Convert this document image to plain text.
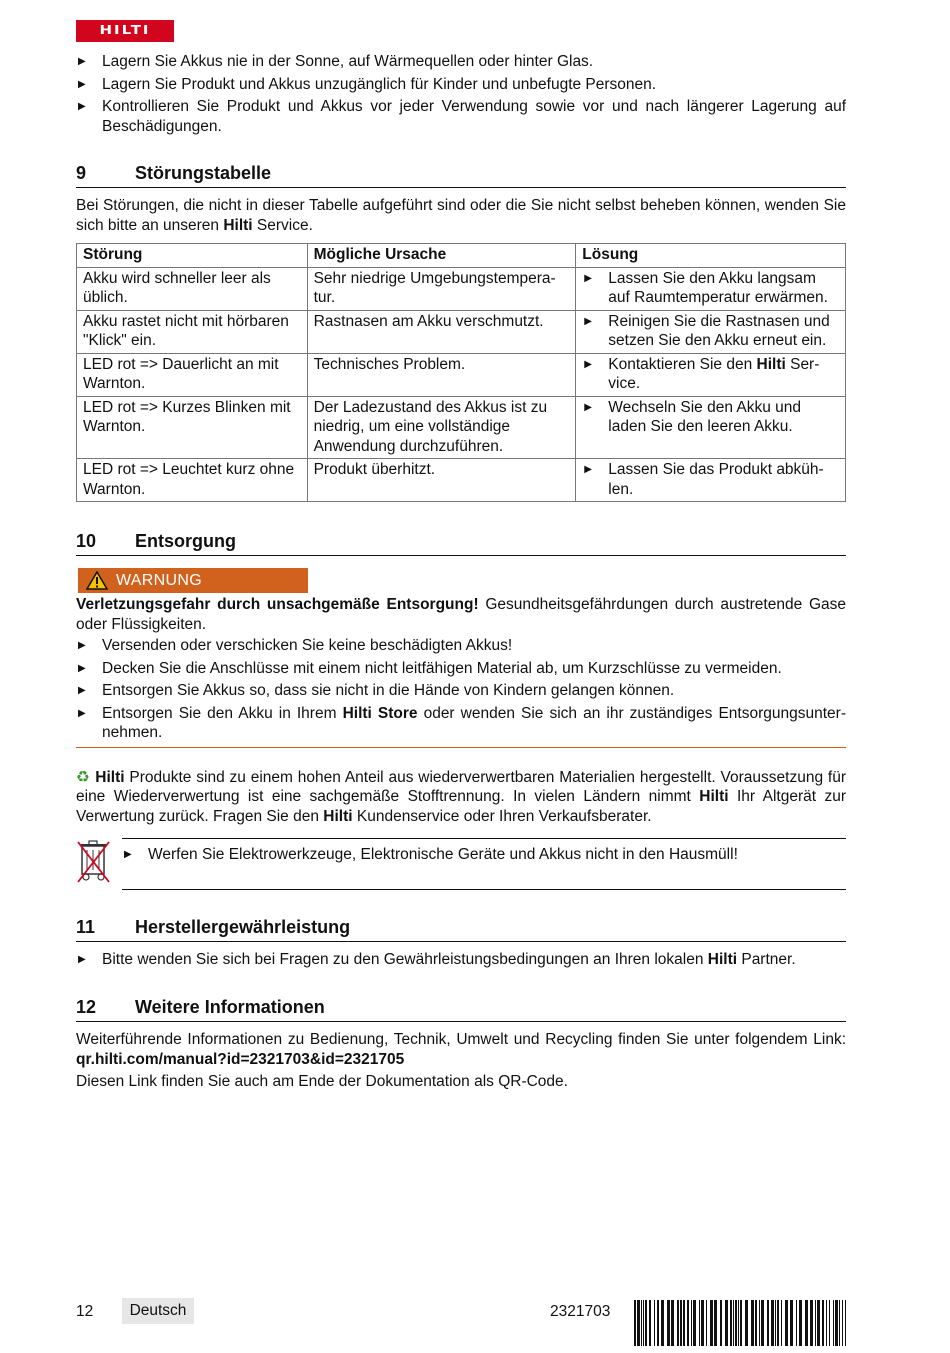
HILTI
▶	Lagern Sie Akkus nie in der Sonne, auf Wärmequellen oder hinter Glas.
▶	Lagern Sie Produkt und Akkus unzugänglich für Kinder und unbefugte Personen.
▶	Kontrollieren Sie Produkt und Akkus vor jeder Verwendung sowie vor und nach längerer Lagerung auf Beschädigungen.
9	Störungstabelle

Bei Störungen, die nicht in dieser Tabelle aufgeführt sind oder die Sie nicht selbst beheben können, wenden Sie sich bitte an unseren Hilti Service.

Störung	Mögliche Ursache	Lösung
Akku wird schneller leer als üblich.	Sehr niedrige Umgebungstemperatur.	▶ Lassen Sie den Akku langsam auf Raumtemperatur erwärmen.

Akku rastet nicht mit hörbaren "Klick" ein.	Rastnasen am Akku verschmutzt.	▶ Reinigen Sie die Rastnasen und setzen Sie den Akku erneut ein.

LED rot => Dauerlicht an mit Warnton.	Technisches Problem.	▶ Kontaktieren Sie den Hilti Service.

LED rot => Kurzes Blinken mit Warnton.	Der Ladezustand des Akkus ist zu niedrig, um eine vollständige Anwendung durchzuführen.	▶ Wechseln Sie den Akku und laden Sie den leeren Akku.

LED rot => Leuchtet kurz ohne Warnton.	Produkt überhitzt.	▶ Lassen Sie das Produkt abkühlen.
10	Entsorgung
WARNUNG

Verletzungsgefahr durch unsachgemäße Entsorgung! Gesundheitsgefährdungen durch austretende Gase oder Flüssigkeiten.

▶	Versenden oder verschicken Sie keine beschädigten Akkus!
▶	Decken Sie die Anschlüsse mit einem nicht leitfähigen Material ab, um Kurzschlüsse zu vermeiden.
▶	Entsorgen Sie Akkus so, dass sie nicht in die Hände von Kindern gelangen können.
▶	Entsorgen Sie den Akku in Ihrem Hilti Store oder wenden Sie sich an ihr zuständiges Entsorgungsunternehmen.

♻ Hilti Produkte sind zu einem hohen Anteil aus wiederverwertbaren Materialien hergestellt. Voraussetzung für eine Wiederverwertung ist eine sachgemäße Stofftrennung. In vielen Ländern nimmt Hilti Ihr Altgerät zur Verwertung zurück. Fragen Sie den Hilti Kundenservice oder Ihren Verkaufsberater.

▶	Werfen Sie Elektrowerkzeuge, Elektronische Geräte und Akkus nicht in den Hausmüll!
11	Herstellergewährleistung
▶	Bitte wenden Sie sich bei Fragen zu den Gewährleistungsbedingungen an Ihren lokalen Hilti Partner.
12	Weitere Informationen

Weiterführende Informationen zu Bedienung, Technik, Umwelt und Recycling finden Sie unter folgendem Link: qr.hilti.com/manual?id=2321703&id=2321705

Diesen Link finden Sie auch am Ende der Dokumentation als QR-Code.

12	Deutsch	2321703
